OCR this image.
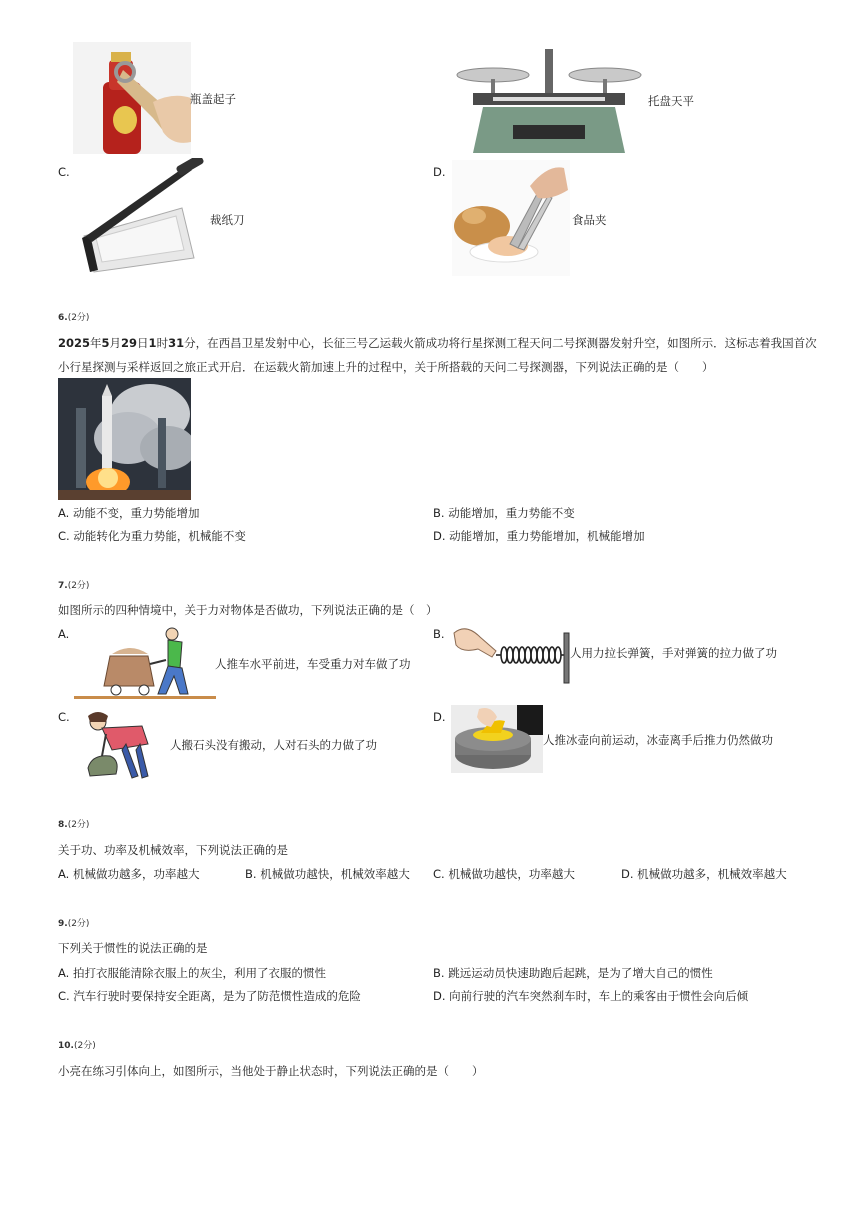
瓶盖起子	托盘天平
C.
裁纸刀
D.
食品夹
6.(2分)
2025年5月29日1时31分，在西昌卫星发射中心，长征三号乙运载火箭成功将行星探测工程天问二号探测器发射升空，如图所示．这标志着我国首次
小行星探测与采样返回之旅正式开启．在运载火箭加速上升的过程中，关于所搭载的天问二号探测器，下列说法正确的是（　　）
A. 动能不变，重力势能增加	B. 动能增加，重力势能不变
C. 动能转化为重力势能，机械能不变	D. 动能增加，重力势能增加，机械能增加
7.(2分)
如图所示的四种情境中，关于力对物体是否做功，下列说法正确的是（　）
A.
人推车水平前进，车受重力对车做了功
B.
人用力拉长弹簧，手对弹簧的拉力做了功
C.
人搬石头没有搬动，人对石头的力做了功
D.
人推冰壶向前运动，冰壶离手后推力仍然做功
8.(2分)
关于功、功率及机械效率，下列说法正确的是
A. 机械做功越多，功率越大	B. 机械做功越快，机械效率越大 C. 机械做功越快，功率越大	D. 机械做功越多，机械效率越大
9.(2分)
下列关于惯性的说法正确的是
A. 拍打衣服能清除衣服上的灰尘，利用了衣服的惯性	B. 跳远运动员快速助跑后起跳，是为了增大自己的惯性
C. 汽车行驶时要保持安全距离，是为了防范惯性造成的危险	D. 向前行驶的汽车突然刹车时，车上的乘客由于惯性会向后倾
10.(2分)
小亮在练习引体向上，如图所示，当他处于静止状态时，下列说法正确的是（　　）
